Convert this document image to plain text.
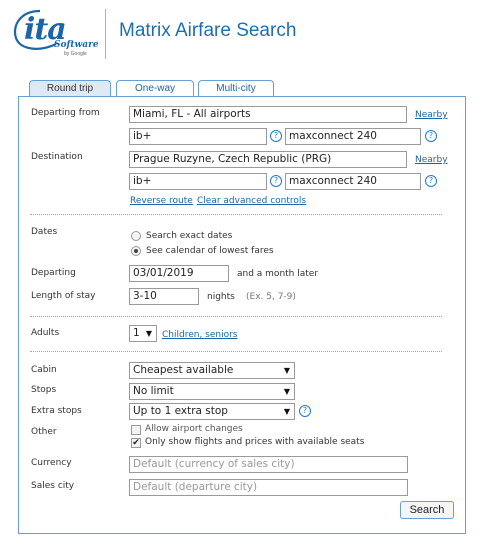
ita
Software
by Google
Matrix Airfare Search
Round trip	One-way	Multi-city
Departing from	Miami, FL - All airports	Nearby
ib+	?	maxconnect 240	?
Destination	Prague Ruzyne, Czech Republic (PRG)	Nearby
ib+	?	maxconnect 240	?
Reverse route Clear advanced controls
Dates	Search exact dates
See calendar of lowest fares
Departing	03/01/2019	and a month later
Length of stay	3-10	nights (Ex. 5, 7-9)
Adults	1 ▼ Children, seniors
Cabin	Cheapest available	▼
Stops	No limit	▼
Extra stops	Up to 1 extra stop	▼	?
Other	Allow airport changes
✔ Only show flights and prices with available seats
Currency	Default (currency of sales city)
Sales city	Default (departure city)
Search
